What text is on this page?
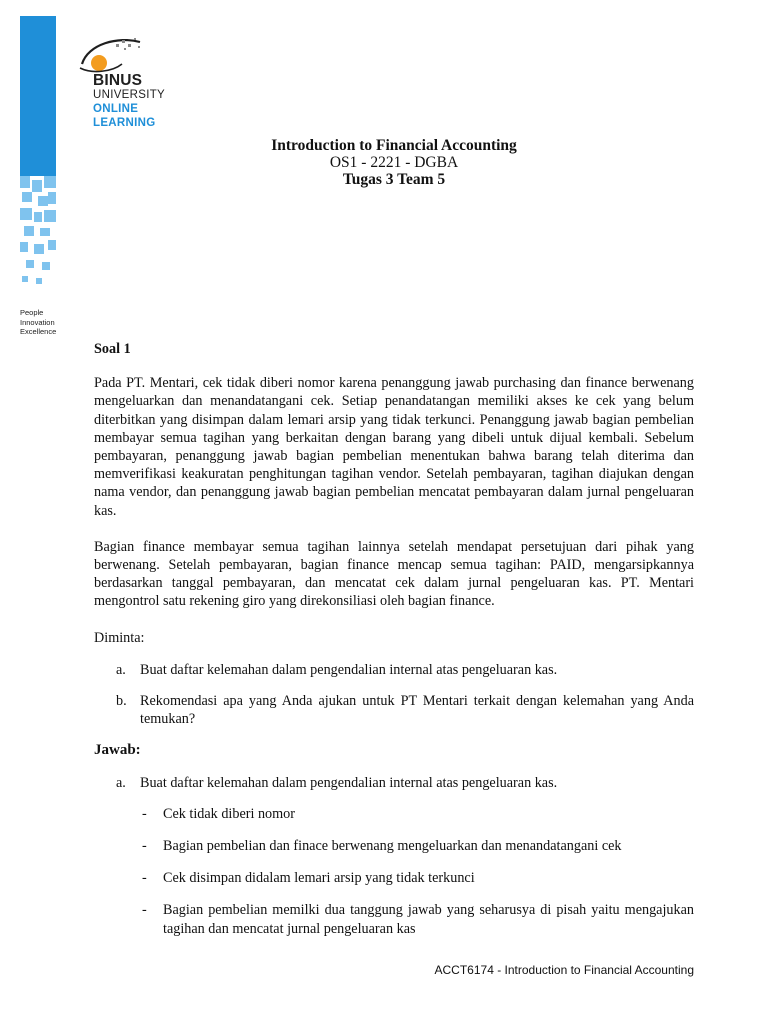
BINUS
UNIVERSITY
ONLINE
LEARNING
People
Innovation
Excellence
Introduction to Financial Accounting
OS1 - 2221 - DGBA
Tugas 3 Team 5

Soal 1

Pada PT. Mentari, cek tidak diberi nomor karena penanggung jawab purchasing dan finance berwenang mengeluarkan dan menandatangani cek. Setiap penandatangan memiliki akses ke cek yang belum diterbitkan yang disimpan dalam lemari arsip yang tidak terkunci. Penanggung jawab bagian pembelian membayar semua tagihan yang berkaitan dengan barang yang dibeli untuk dijual kembali. Sebelum pembayaran, penanggung jawab bagian pembelian menentukan bahwa barang telah diterima dan memverifikasi keakuratan penghitungan tagihan vendor. Setelah pembayaran, tagihan diajukan dengan nama vendor, dan penanggung jawab bagian pembelian mencatat pembayaran dalam jurnal pengeluaran kas.

Bagian finance membayar semua tagihan lainnya setelah mendapat persetujuan dari pihak yang berwenang. Setelah pembayaran, bagian finance mencap semua tagihan: PAID, mengarsipkannya berdasarkan tanggal pembayaran, dan mencatat cek dalam jurnal pengeluaran kas. PT. Mentari mengontrol satu rekening giro yang direkonsiliasi oleh bagian finance.

Diminta:

a. Buat daftar kelemahan dalam pengendalian internal atas pengeluaran kas.
b. Rekomendasi apa yang Anda ajukan untuk PT Mentari terkait dengan kelemahan yang Anda temukan?

Jawab:

a. Buat daftar kelemahan dalam pengendalian internal atas pengeluaran kas.
-	Cek tidak diberi nomor
-	Bagian pembelian dan finace berwenang mengeluarkan dan menandatangani cek
-	Cek disimpan didalam lemari arsip yang tidak terkunci
-	Bagian pembelian memilki dua tanggung jawab yang seharusya di pisah yaitu mengajukan tagihan dan mencatat jurnal pengeluaran kas
ACCT6174 - Introduction to Financial Accounting
